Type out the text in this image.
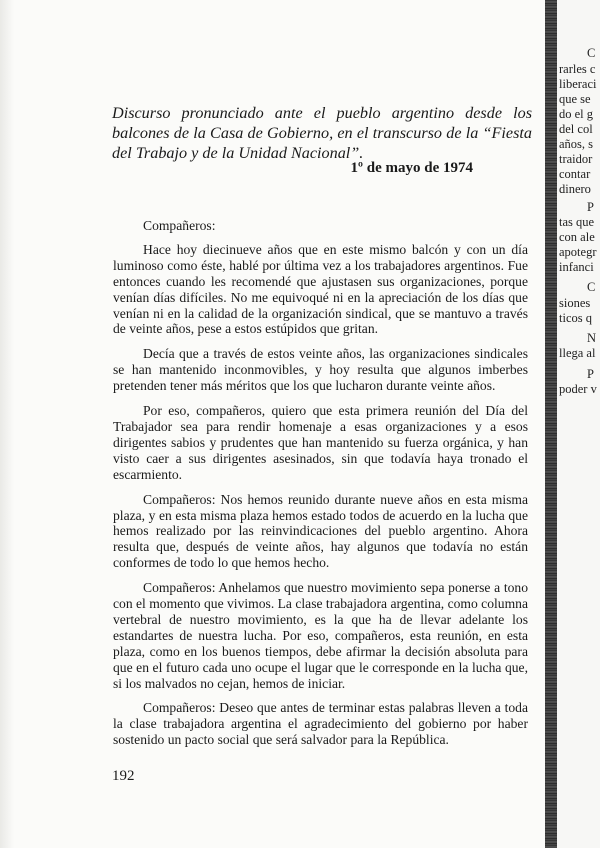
Discurso pronunciado ante el pueblo argentino desde los balcones de la Casa de Gobierno, en el transcurso de la “Fiesta del Trabajo y de la Unidad Nacional”.
1º de mayo de 1974

Compañeros:

Hace hoy diecinueve años que en este mismo balcón y con un día luminoso como éste, hablé por última vez a los trabajadores argentinos. Fue entonces cuando les recomendé que ajustasen sus organizaciones, porque venían días difíciles. No me equivoqué ni en la apreciación de los días que venían ni en la calidad de la organización sindical, que se mantuvo a través de veinte años, pese a estos estúpidos que gritan.

Decía que a través de estos veinte años, las organizaciones sindicales se han mantenido inconmovibles, y hoy resulta que algunos imberbes pretenden tener más méritos que los que lucharon durante veinte años.

Por eso, compañeros, quiero que esta primera reunión del Día del Trabajador sea para rendir homenaje a esas organizaciones y a esos dirigentes sabios y prudentes que han mantenido su fuerza orgánica, y han visto caer a sus dirigentes asesinados, sin que todavía haya tronado el escarmiento.

Compañeros: Nos hemos reunido durante nueve años en esta misma plaza, y en esta misma plaza hemos estado todos de acuerdo en la lucha que hemos realizado por las reinvindicaciones del pueblo argentino. Ahora resulta que, después de veinte años, hay algunos que todavía no están conformes de todo lo que hemos hecho.

Compañeros: Anhelamos que nuestro movimiento sepa ponerse a tono con el momento que vivimos. La clase trabajadora argentina, como columna vertebral de nuestro movimiento, es la que ha de llevar adelante los estandartes de nuestra lucha. Por eso, compañeros, esta reunión, en esta plaza, como en los buenos tiempos, debe afirmar la decisión absoluta para que en el futuro cada uno ocupe el lugar que le corresponde en la lucha que, si los malvados no cejan, hemos de iniciar.

Compañeros: Deseo que antes de terminar estas palabras lleven a toda la clase trabajadora argentina el agradecimiento del gobierno por haber sostenido un pacto social que será salvador para la República.

192
C
rarles c
liberaci
que se
do el g
del col
años, s
traidor
contar
dinero
P
tas que
con ale
apotegr
infanci
C
siones
ticos q
N
llega al
P
poder v
